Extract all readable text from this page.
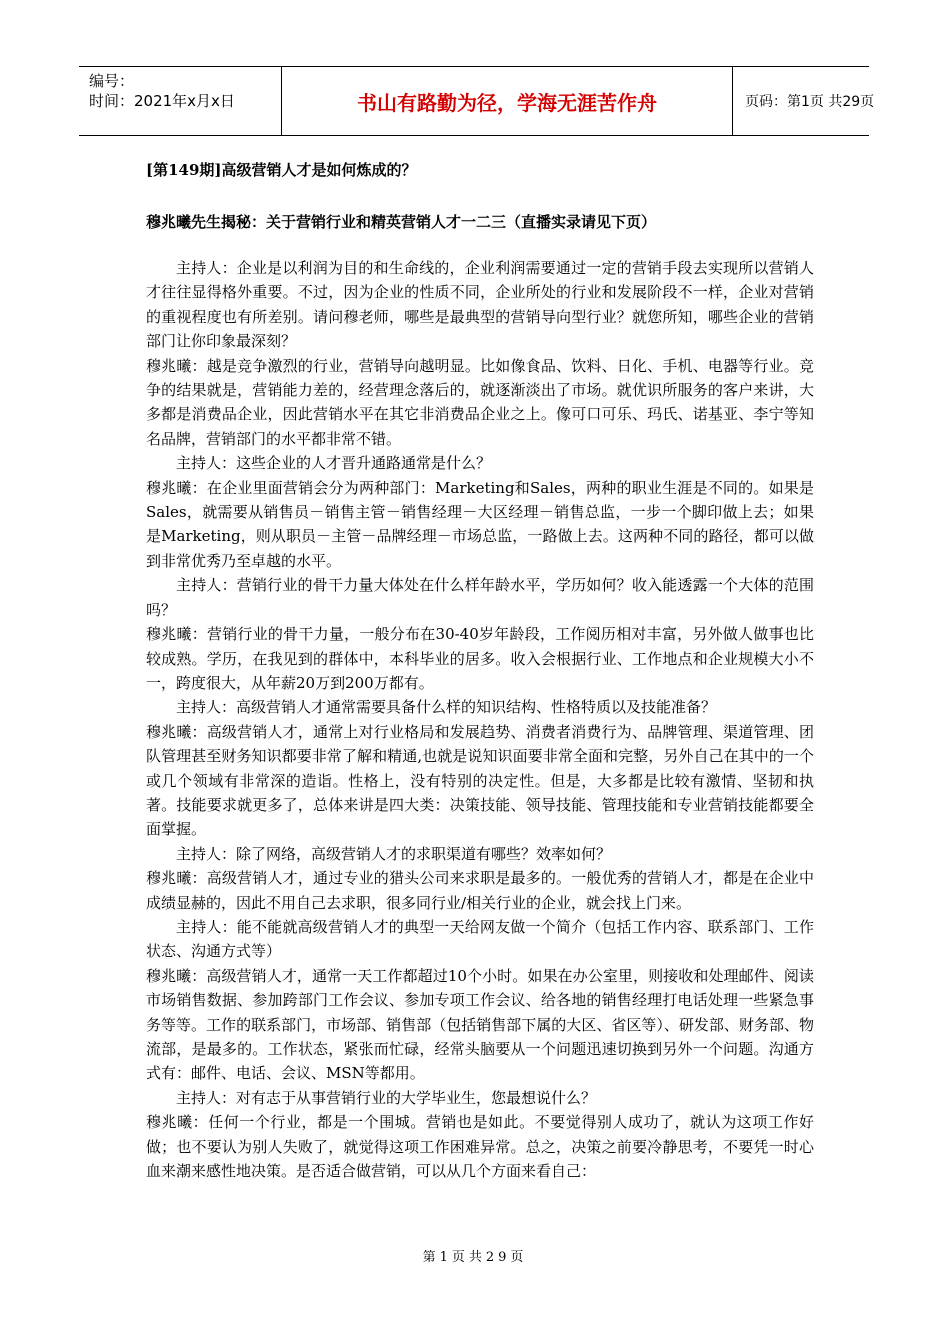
编号：
时间：2021年x月x日	书山有路勤为径，学海无涯苦作舟	页码：第1页 共29页
[第149期]高级营销人才是如何炼成的？
穆兆曦先生揭秘：关于营销行业和精英营销人才一二三（直播实录请见下页）

主持人：企业是以利润为目的和生命线的，企业利润需要通过一定的营销手段去实现所以营销人才往往显得格外重要。不过，因为企业的性质不同，企业所处的行业和发展阶段不一样，企业对营销的重视程度也有所差别。请问穆老师，哪些是最典型的营销导向型行业？就您所知，哪些企业的营销部门让你印象最深刻？

穆兆曦：越是竞争激烈的行业，营销导向越明显。比如像食品、饮料、日化、手机、电器等行业。竞争的结果就是，营销能力差的，经营理念落后的，就逐渐淡出了市场。就优识所服务的客户来讲，大多都是消费品企业，因此营销水平在其它非消费品企业之上。像可口可乐、玛氏、诺基亚、李宁等知名品牌，营销部门的水平都非常不错。

主持人：这些企业的人才晋升通路通常是什么？

穆兆曦：在企业里面营销会分为两种部门：Marketing和Sales，两种的职业生涯是不同的。如果是Sales，就需要从销售员－销售主管－销售经理－大区经理－销售总监，一步一个脚印做上去；如果是Marketing，则从职员－主管－品牌经理－市场总监，一路做上去。这两种不同的路径，都可以做到非常优秀乃至卓越的水平。

主持人：营销行业的骨干力量大体处在什么样年龄水平，学历如何？收入能透露一个大体的范围吗？

穆兆曦：营销行业的骨干力量，一般分布在30-40岁年龄段，工作阅历相对丰富，另外做人做事也比较成熟。学历，在我见到的群体中，本科毕业的居多。收入会根据行业、工作地点和企业规模大小不一，跨度很大，从年薪20万到200万都有。

主持人：高级营销人才通常需要具备什么样的知识结构、性格特质以及技能准备？

穆兆曦：高级营销人才，通常上对行业格局和发展趋势、消费者消费行为、品牌管理、渠道管理、团队管理甚至财务知识都要非常了解和精通,也就是说知识面要非常全面和完整，另外自己在其中的一个或几个领域有非常深的造诣。性格上，没有特别的决定性。但是，大多都是比较有激情、坚韧和执著。技能要求就更多了，总体来讲是四大类：决策技能、领导技能、管理技能和专业营销技能都要全面掌握。

主持人：除了网络，高级营销人才的求职渠道有哪些？效率如何？

穆兆曦：高级营销人才，通过专业的猎头公司来求职是最多的。一般优秀的营销人才，都是在企业中成绩显赫的，因此不用自己去求职，很多同行业/相关行业的企业，就会找上门来。

主持人：能不能就高级营销人才的典型一天给网友做一个简介（包括工作内容、联系部门、工作状态、沟通方式等）

穆兆曦：高级营销人才，通常一天工作都超过10个小时。如果在办公室里，则接收和处理邮件、阅读市场销售数据、参加跨部门工作会议、参加专项工作会议、给各地的销售经理打电话处理一些紧急事务等等。工作的联系部门，市场部、销售部（包括销售部下属的大区、省区等）、研发部、财务部、物流部，是最多的。工作状态，紧张而忙碌，经常头脑要从一个问题迅速切换到另外一个问题。沟通方式有：邮件、电话、会议、MSN等都用。

主持人：对有志于从事营销行业的大学毕业生，您最想说什么？

穆兆曦：任何一个行业，都是一个围城。营销也是如此。不要觉得别人成功了，就认为这项工作好做；也不要认为别人失败了，就觉得这项工作困难异常。总之，决策之前要冷静思考，不要凭一时心血来潮来感性地决策。是否适合做营销，可以从几个方面来看自己：

第1页共29页
